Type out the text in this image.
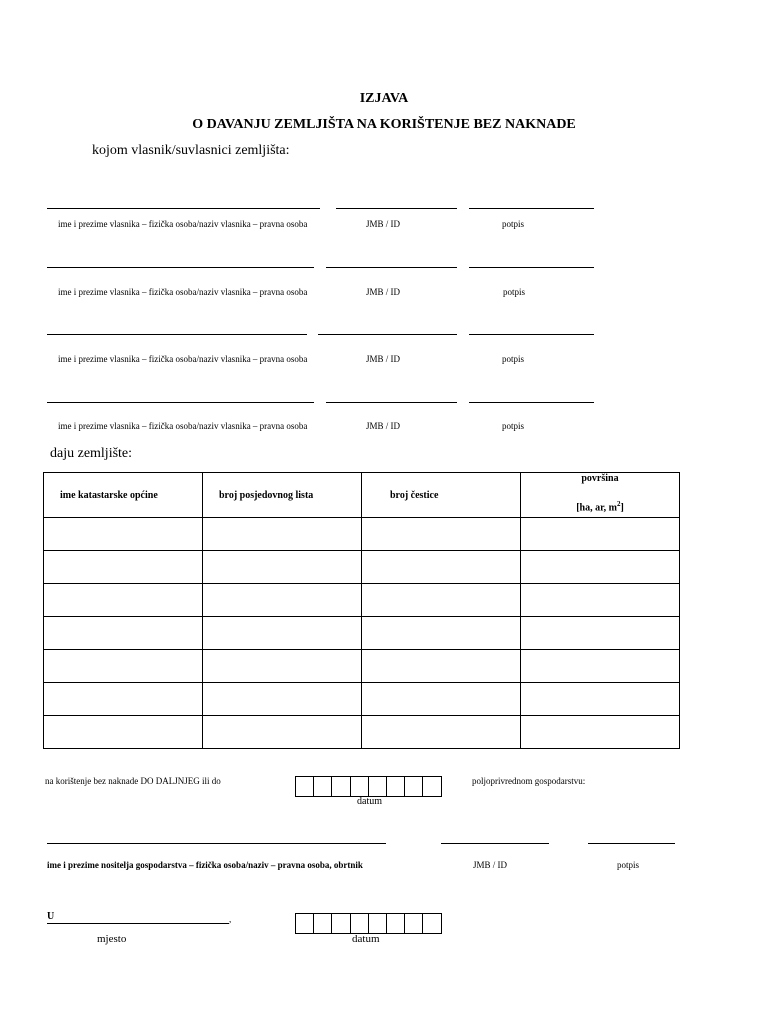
IZJAVA
O DAVANJU ZEMLJIŠTA NA KORIŠTENJE BEZ NAKNADE
kojom vlasnik/suvlasnici zemljišta:
ime i prezime vlasnika – fizička osoba/naziv vlasnika – pravna osoba	JMB / ID	potpis
ime i prezime vlasnika – fizička osoba/naziv vlasnika – pravna osoba	JMB / ID	potpis
ime i prezime vlasnika – fizička osoba/naziv vlasnika – pravna osoba	JMB / ID	potpis
ime i prezime vlasnika – fizička osoba/naziv vlasnika – pravna osoba	JMB / ID	potpis
daju zemljište:
ime katastarske općine	broj posjedovnog lista	broj čestice	površina
[ha, ar, $m^2$]

na korištenje bez naknade DO DALJNJEG ili do	poljoprivrednom gospodarstvu:
datum
ime i prezime nositelja gospodarstva – fizička osoba/naziv – pravna osoba, obrtnik	JMB / ID	potpis
U	,
mjesto	datum
